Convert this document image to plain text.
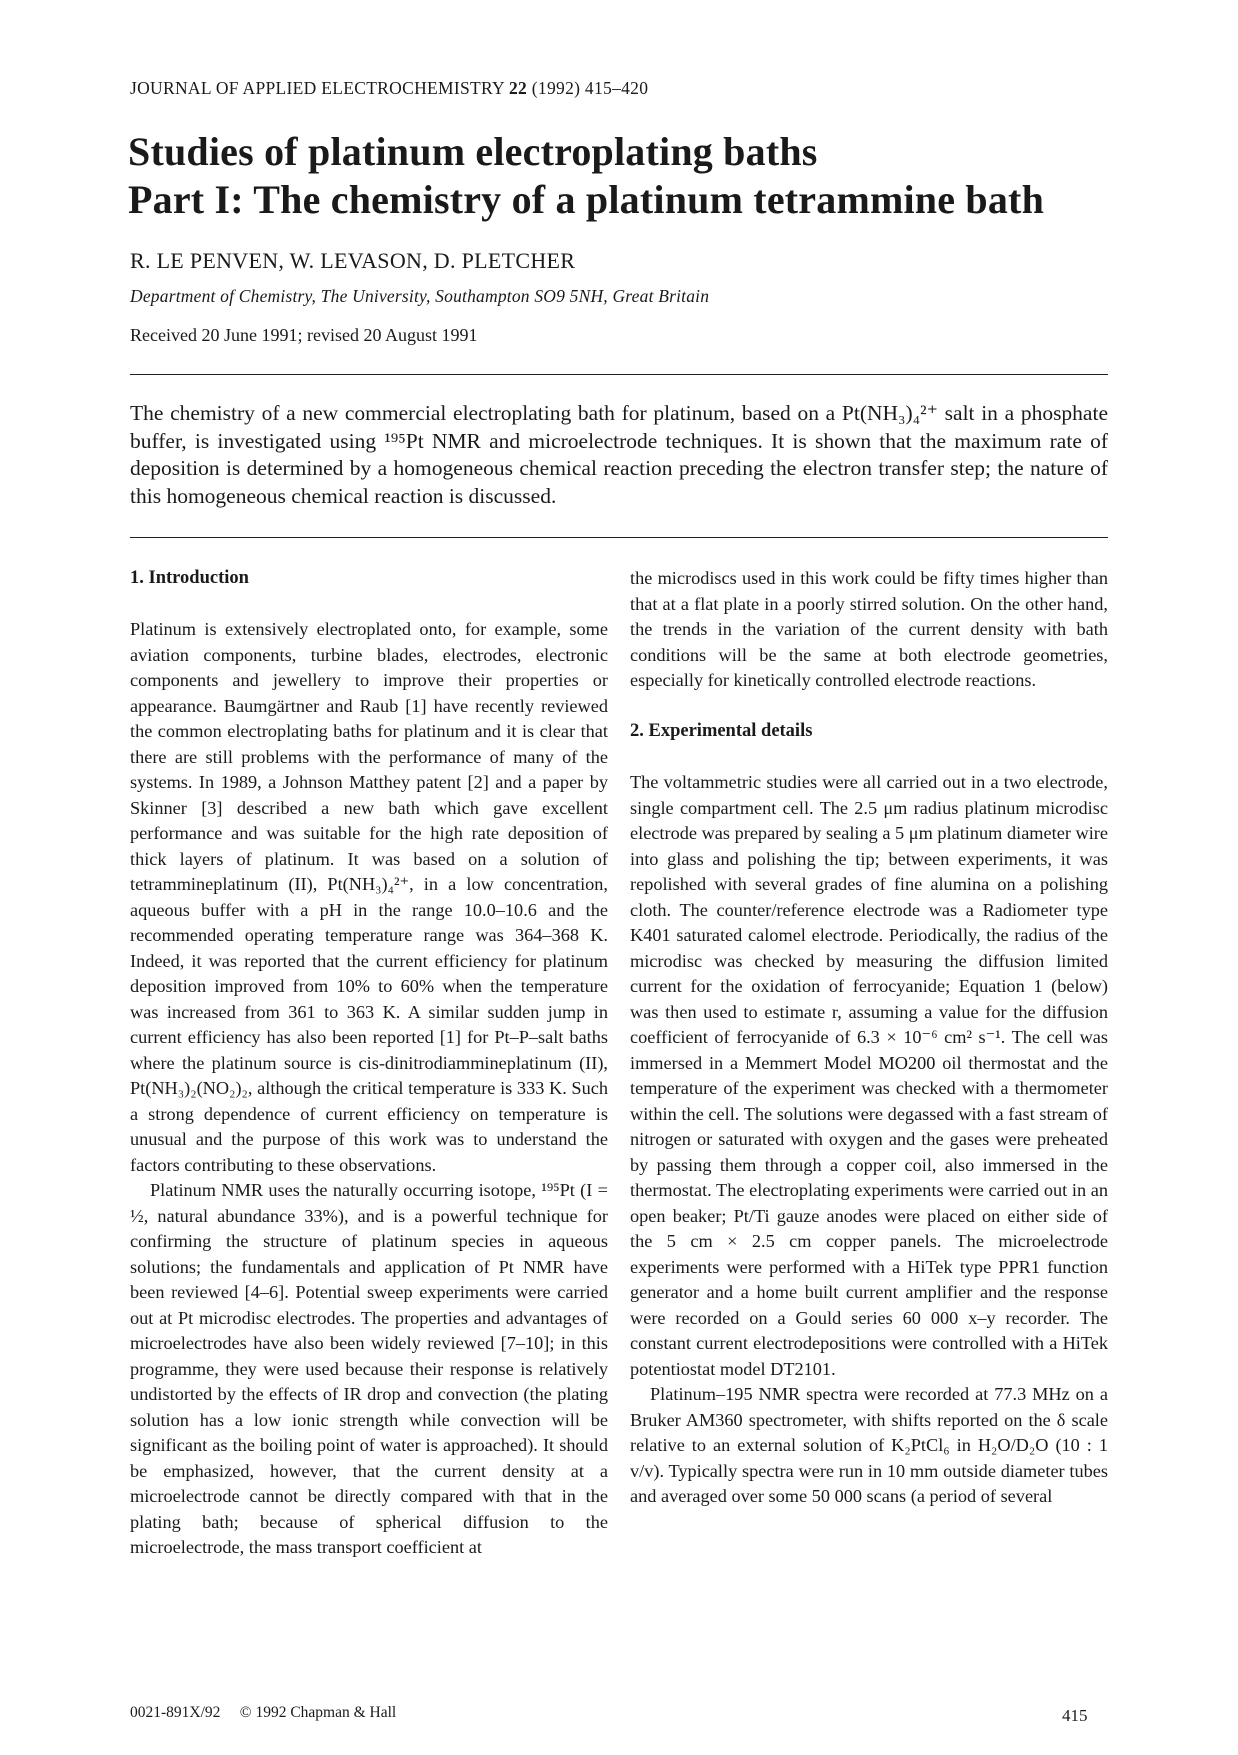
JOURNAL OF APPLIED ELECTROCHEMISTRY 22 (1992) 415–420
Studies of platinum electroplating baths
Part I: The chemistry of a platinum tetrammine bath
R. LE PENVEN, W. LEVASON, D. PLETCHER
Department of Chemistry, The University, Southampton SO9 5NH, Great Britain
Received 20 June 1991; revised 20 August 1991
The chemistry of a new commercial electroplating bath for platinum, based on a Pt(NH₃)₄²⁺ salt in a phosphate buffer, is investigated using ¹⁹⁵Pt NMR and microelectrode techniques. It is shown that the maximum rate of deposition is determined by a homogeneous chemical reaction preceding the electron transfer step; the nature of this homogeneous chemical reaction is discussed.
1. Introduction

Platinum is extensively electroplated onto, for example, some aviation components, turbine blades, electrodes, electronic components and jewellery to improve their properties or appearance. Baumgärtner and Raub [1] have recently reviewed the common electroplating baths for platinum and it is clear that there are still problems with the performance of many of the systems. In 1989, a Johnson Matthey patent [2] and a paper by Skinner [3] described a new bath which gave excellent performance and was suitable for the high rate deposition of thick layers of platinum. It was based on a solution of tetrammineplatinum (II), Pt(NH₃)₄²⁺, in a low concentration, aqueous buffer with a pH in the range 10.0–10.6 and the recommended operating temperature range was 364–368 K. Indeed, it was reported that the current efficiency for platinum deposition improved from 10% to 60% when the temperature was increased from 361 to 363 K. A similar sudden jump in current efficiency has also been reported [1] for Pt–P–salt baths where the platinum source is cis-dinitrodiammineplatinum (II), Pt(NH₃)₂(NO₂)₂, although the critical temperature is 333 K. Such a strong dependence of current efficiency on temperature is unusual and the purpose of this work was to understand the factors contributing to these observations.

Platinum NMR uses the naturally occurring isotope, ¹⁹⁵Pt (I = ½, natural abundance 33%), and is a powerful technique for confirming the structure of platinum species in aqueous solutions; the fundamentals and application of Pt NMR have been reviewed [4–6]. Potential sweep experiments were carried out at Pt microdisc electrodes. The properties and advantages of microelectrodes have also been widely reviewed [7–10]; in this programme, they were used because their response is relatively undistorted by the effects of IR drop and convection (the plating solution has a low ionic strength while convection will be significant as the boiling point of water is approached). It should be emphasized, however, that the current density at a microelectrode cannot be directly compared with that in the plating bath; because of spherical diffusion to the microelectrode, the mass transport coefficient at

the microdiscs used in this work could be fifty times higher than that at a flat plate in a poorly stirred solution. On the other hand, the trends in the variation of the current density with bath conditions will be the same at both electrode geometries, especially for kinetically controlled electrode reactions.

2. Experimental details

The voltammetric studies were all carried out in a two electrode, single compartment cell. The 2.5 μm radius platinum microdisc electrode was prepared by sealing a 5 μm platinum diameter wire into glass and polishing the tip; between experiments, it was repolished with several grades of fine alumina on a polishing cloth. The counter/reference electrode was a Radiometer type K401 saturated calomel electrode. Periodically, the radius of the microdisc was checked by measuring the diffusion limited current for the oxidation of ferrocyanide; Equation 1 (below) was then used to estimate r, assuming a value for the diffusion coefficient of ferrocyanide of 6.3 × 10⁻⁶ cm² s⁻¹. The cell was immersed in a Memmert Model MO200 oil thermostat and the temperature of the experiment was checked with a thermometer within the cell. The solutions were degassed with a fast stream of nitrogen or saturated with oxygen and the gases were preheated by passing them through a copper coil, also immersed in the thermostat. The electroplating experiments were carried out in an open beaker; Pt/Ti gauze anodes were placed on either side of the 5 cm × 2.5 cm copper panels. The microelectrode experiments were performed with a HiTek type PPR1 function generator and a home built current amplifier and the response were recorded on a Gould series 60 000 x–y recorder. The constant current electrodepositions were controlled with a HiTek potentiostat model DT2101.

Platinum–195 NMR spectra were recorded at 77.3 MHz on a Bruker AM360 spectrometer, with shifts reported on the δ scale relative to an external solution of K₂PtCl₆ in H₂O/D₂O (10 : 1 v/v). Typically spectra were run in 10 mm outside diameter tubes and averaged over some 50 000 scans (a period of several

0021-891X/92 © 1992 Chapman & Hall	415
